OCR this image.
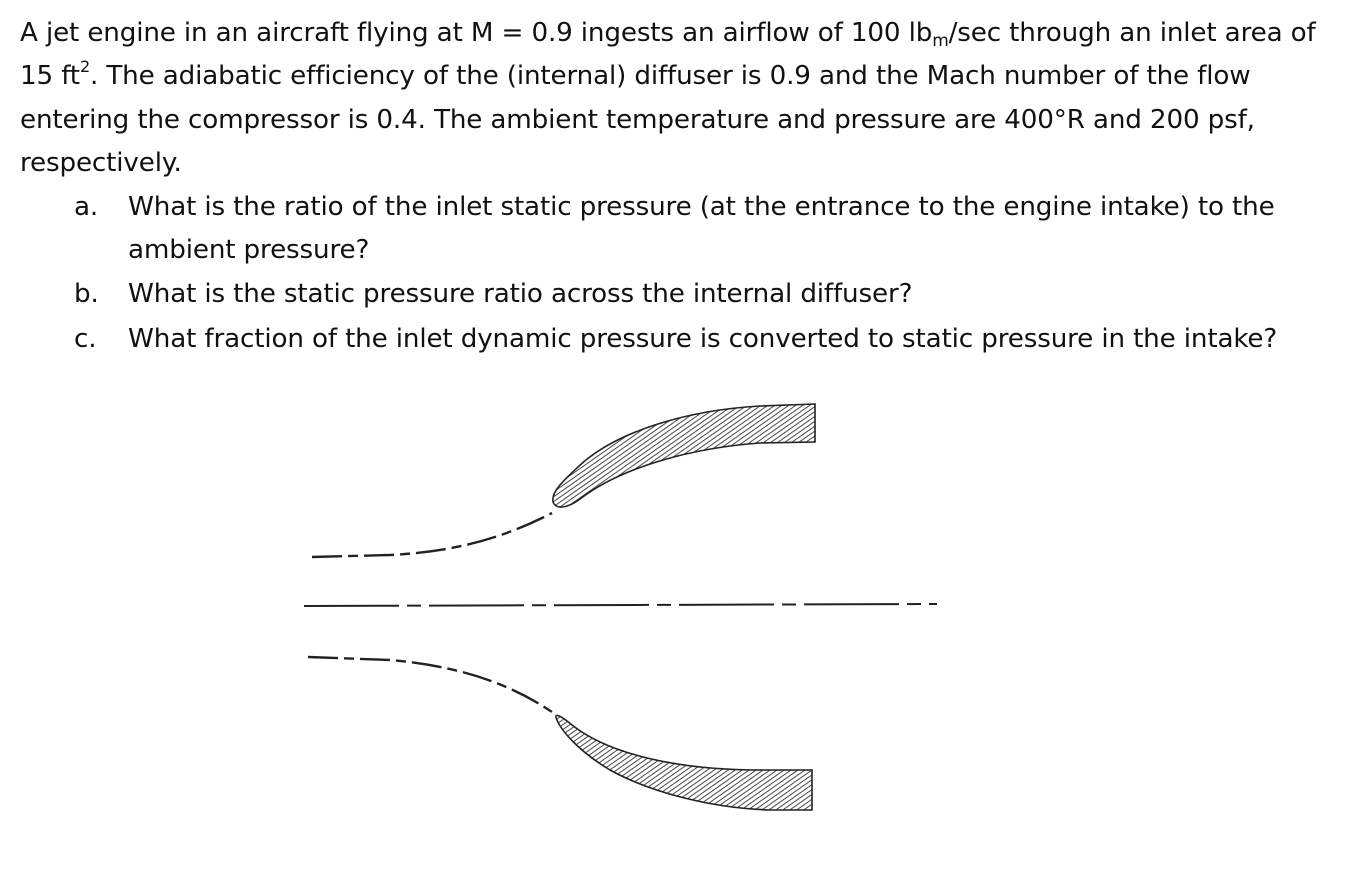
A jet engine in an aircraft flying at M = 0.9 ingests an airflow of 100 lbm/sec through an inlet area of 15 $ft^2$. The adiabatic efficiency of the (internal) diffuser is 0.9 and the Mach number of the flow entering the compressor is 0.4. The ambient temperature and pressure are 400°R and 200 psf, respectively.

a. What is the ratio of the inlet static pressure (at the entrance to the engine intake) to the ambient pressure?
b. What is the static pressure ratio across the internal diffuser?
c. What fraction of the inlet dynamic pressure is converted to static pressure in the intake?
